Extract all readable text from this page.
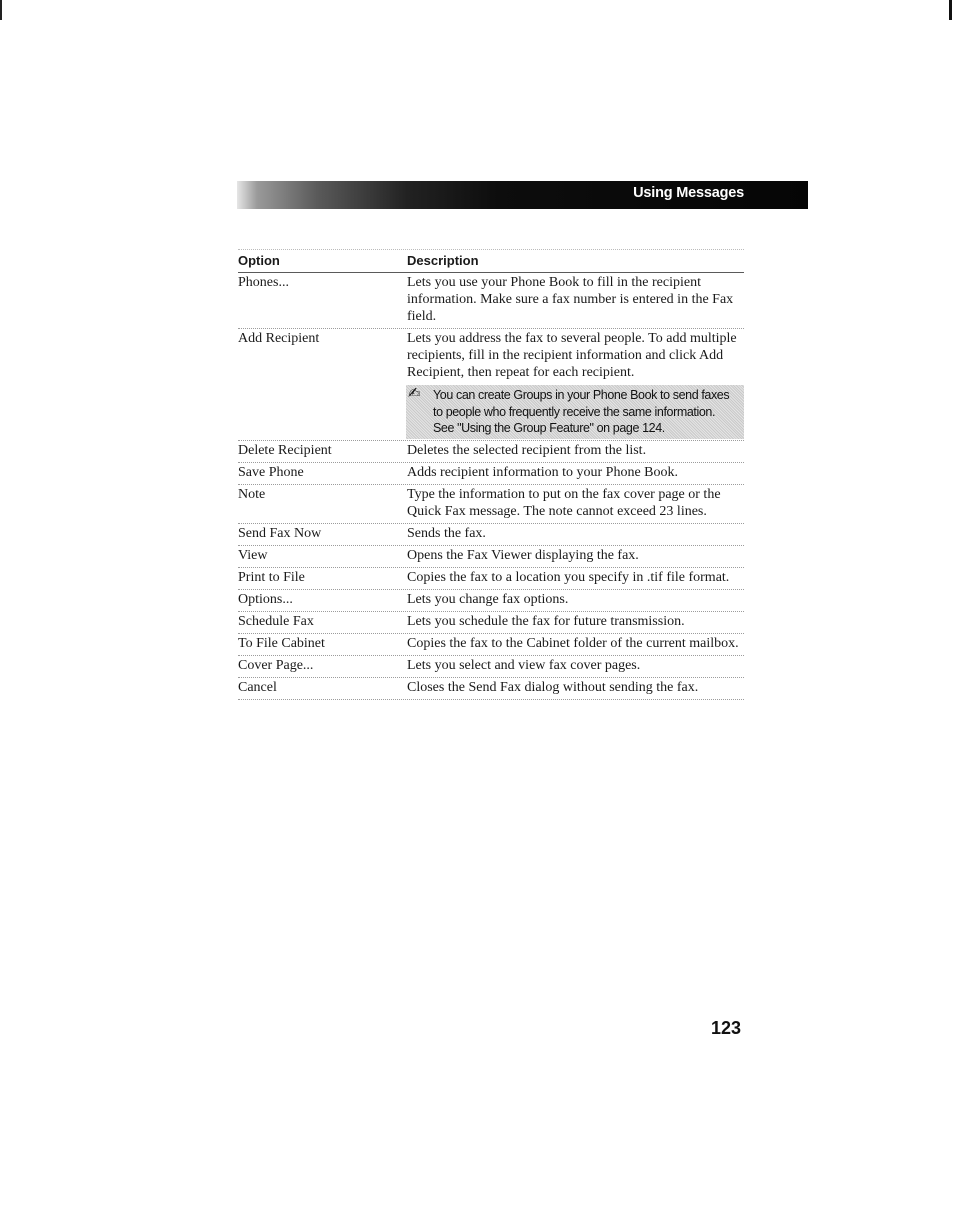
Using Messages
Option	Description
Phones...	Lets you use your Phone Book to fill in the recipient information. Make sure a fax number is entered in the Fax field.
Add Recipient	Lets you address the fax to several people. To add multiple recipients, fill in the recipient information and click Add Recipient, then repeat for each recipient.
✍ You can create Groups in your Phone Book to send faxes to people who frequently receive the same information. See "Using the Group Feature" on page 124.
Delete Recipient	Deletes the selected recipient from the list.
Save Phone	Adds recipient information to your Phone Book.
Note	Type the information to put on the fax cover page or the Quick Fax message. The note cannot exceed 23 lines.
Send Fax Now	Sends the fax.
View	Opens the Fax Viewer displaying the fax.
Print to File	Copies the fax to a location you specify in .tif file format.
Options...	Lets you change fax options.
Schedule Fax	Lets you schedule the fax for future transmission.
To File Cabinet	Copies the fax to the Cabinet folder of the current mailbox.
Cover Page...	Lets you select and view fax cover pages.
Cancel	Closes the Send Fax dialog without sending the fax.
123
